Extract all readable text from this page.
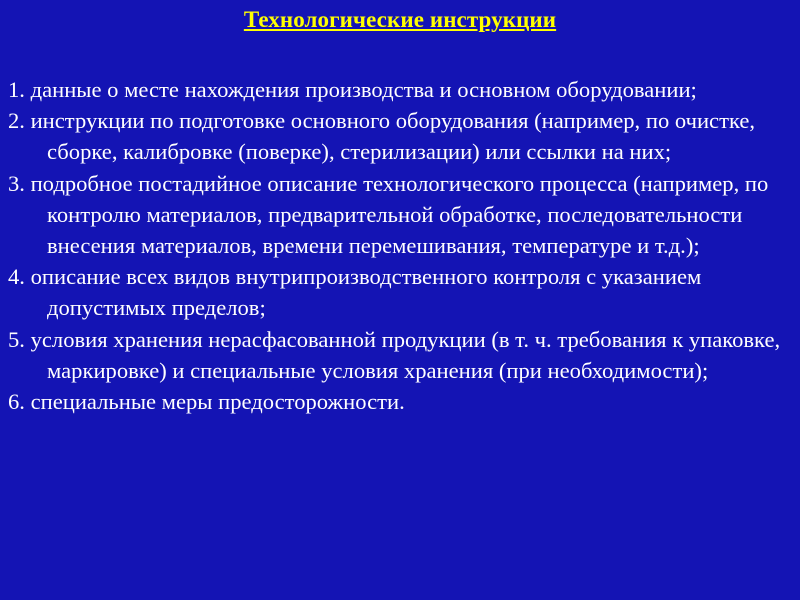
Технологические инструкции
1. данные о месте нахождения производства и основном оборудовании;
2. инструкции по подготовке основного оборудования (например, по очистке, сборке, калибровке (поверке), стерилизации) или ссылки на них;
3. подробное постадийное описание технологического процесса (например, по контролю материалов, предварительной обработке, последовательности внесения материалов, времени перемешивания, температуре и т.д.);
4. описание всех видов внутрипроизводственного контроля с указанием допустимых пределов;
5. условия хранения нерасфасованной продукции (в т. ч. требования к упаковке, маркировке) и специальные условия хранения (при необходимости);
6. специальные меры предосторожности.
